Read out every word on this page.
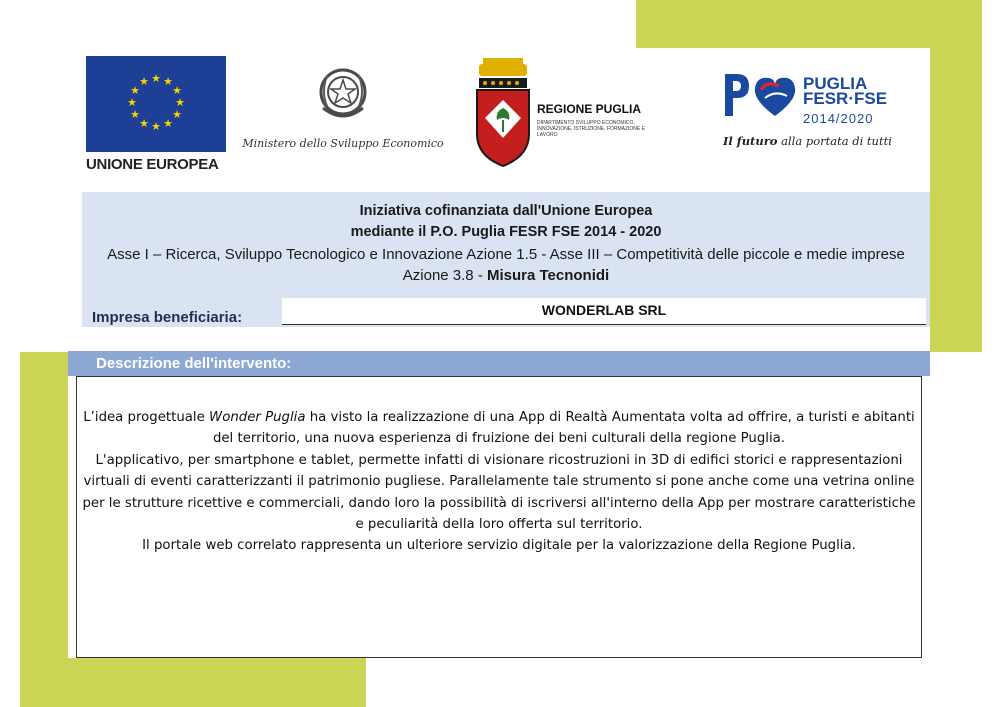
★ ★
★
★
★
★
★
★
★
★
★
★
UNIONE EUROPEA
Ministero dello Sviluppo Economico
REGIONE PUGLIA
DIPARTIMENTO SVILUPPO ECONOMICO, INNOVAZIONE, ISTRUZIONE, FORMAZIONE E LAVORO
PUGLIA
FESR·FSE
2014/2020
Il futuro alla portata di tutti
Iniziativa cofinanziata dall'Unione Europea
mediante il P.O. Puglia FESR FSE 2014 - 2020
Asse I – Ricerca, Sviluppo Tecnologico e Innovazione Azione 1.5 - Asse III – Competitività delle piccole e medie imprese Azione 3.8 - Misura Tecnonidi
Impresa beneficiaria:	WONDERLAB SRL
Descrizione dell'intervento:

L’idea progettuale Wonder Puglia ha visto la realizzazione di una App di Realtà Aumentata volta ad offrire, a turisti e abitanti del territorio, una nuova esperienza di fruizione dei beni culturali della regione Puglia.

L'applicativo, per smartphone e tablet, permette infatti di visionare ricostruzioni in 3D di edifici storici e rappresentazioni virtuali di eventi caratterizzanti il patrimonio pugliese. Parallelamente tale strumento si pone anche come una vetrina online per le strutture ricettive e commerciali, dando loro la possibilità di iscriversi all'interno della App per mostrare caratteristiche e peculiarità della loro offerta sul territorio.

Il portale web correlato rappresenta un ulteriore servizio digitale per la valorizzazione della Regione Puglia.
